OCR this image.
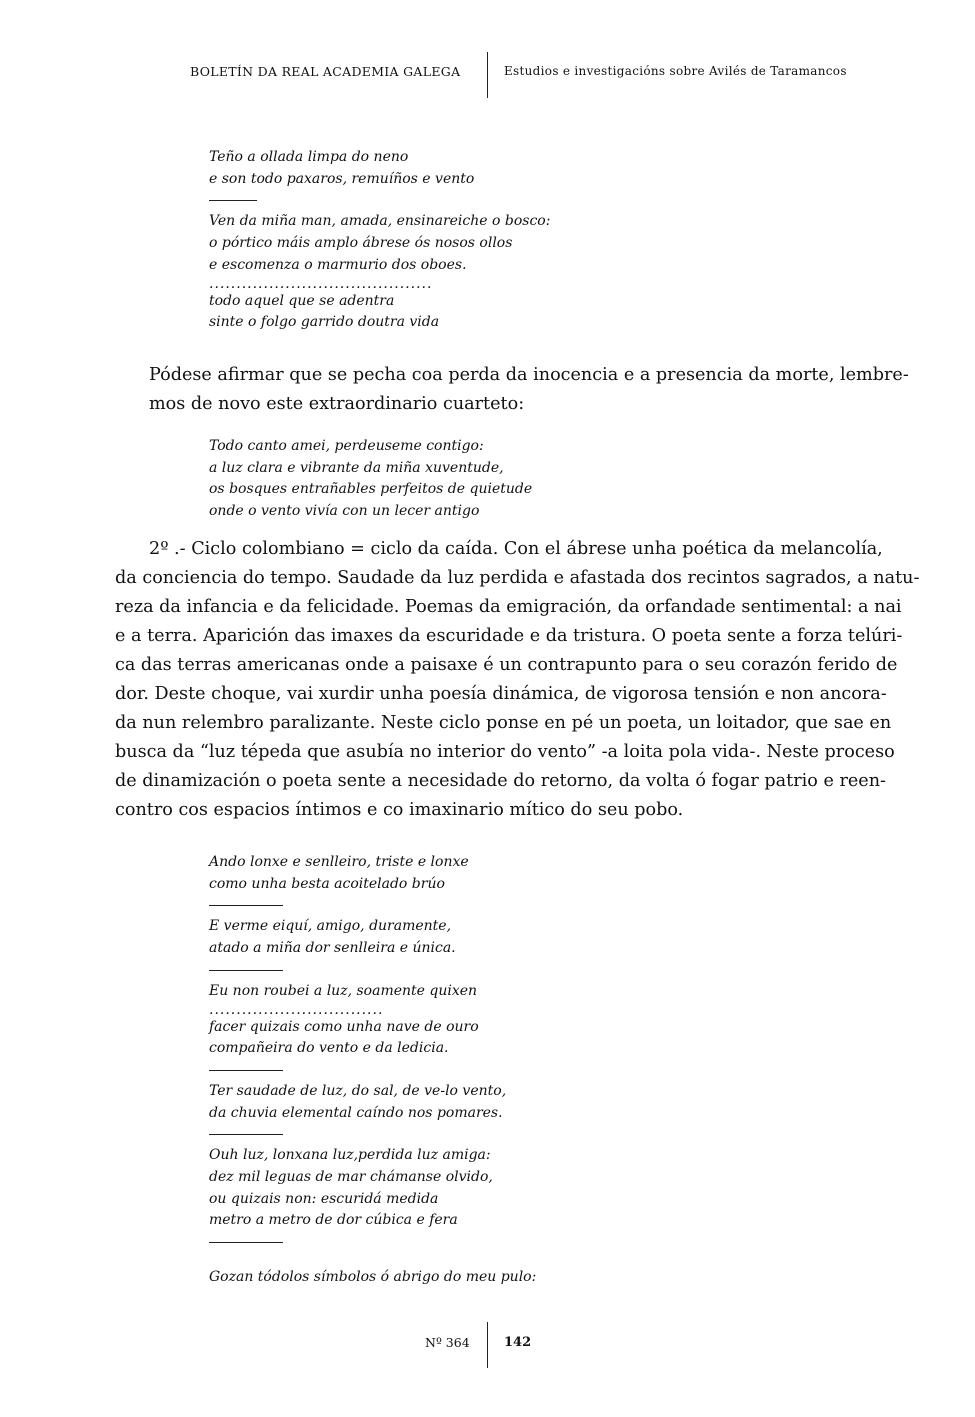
BOLETÍN DA REAL ACADEMIA GALEGA	Estudios e investigacións sobre Avilés de Taramancos
Teño a ollada limpa do neno
e son todo paxaros, remuíños e vento
Ven da miña man, amada, ensinareiche o bosco:
o pórtico máis amplo ábrese ós nosos ollos
e escomenza o marmurio dos oboes.
.........................................
todo aquel que se adentra
sinte o folgo garrido doutra vida
Pódese afirmar que se pecha coa perda da inocencia e a presencia da morte, lembre-
mos de novo este extraordinario cuarteto:
Todo canto amei, perdeuseme contigo:
a luz clara e vibrante da miña xuventude,
os bosques entrañables perfeitos de quietude
onde o vento vivía con un lecer antigo
2º .- Ciclo colombiano = ciclo da caída. Con el ábrese unha poética da melancolía,
da conciencia do tempo. Saudade da luz perdida e afastada dos recintos sagrados, a natu-
reza da infancia e da felicidade. Poemas da emigración, da orfandade sentimental: a nai
e a terra. Aparición das imaxes da escuridade e da tristura. O poeta sente a forza telúri-
ca das terras americanas onde a paisaxe é un contrapunto para o seu corazón ferido de
dor. Deste choque, vai xurdir unha poesía dinámica, de vigorosa tensión e non ancora-
da nun relembro paralizante. Neste ciclo ponse en pé un poeta, un loitador, que sae en
busca da “luz tépeda que asubía no interior do vento” -a loita pola vida-. Neste proceso
de dinamización o poeta sente a necesidade do retorno, da volta ó fogar patrio e reen-
contro cos espacios íntimos e co imaxinario mítico do seu pobo.
Ando lonxe e senlleiro, triste e lonxe
como unha besta acoitelado brúo
E verme eiquí, amigo, duramente,
atado a miña dor senlleira e única.
Eu non roubei a luz, soamente quixen
................................
facer quizais como unha nave de ouro
compañeira do vento e da ledicia.
Ter saudade de luz, do sal, de ve-lo vento,
da chuvia elemental caíndo nos pomares.
Ouh luz, lonxana luz,perdida luz amiga:
dez mil leguas de mar chámanse olvido,
ou quizais non: escuridá medida
metro a metro de dor cúbica e fera
Gozan tódolos símbolos ó abrigo do meu pulo:
Nº 364	142
